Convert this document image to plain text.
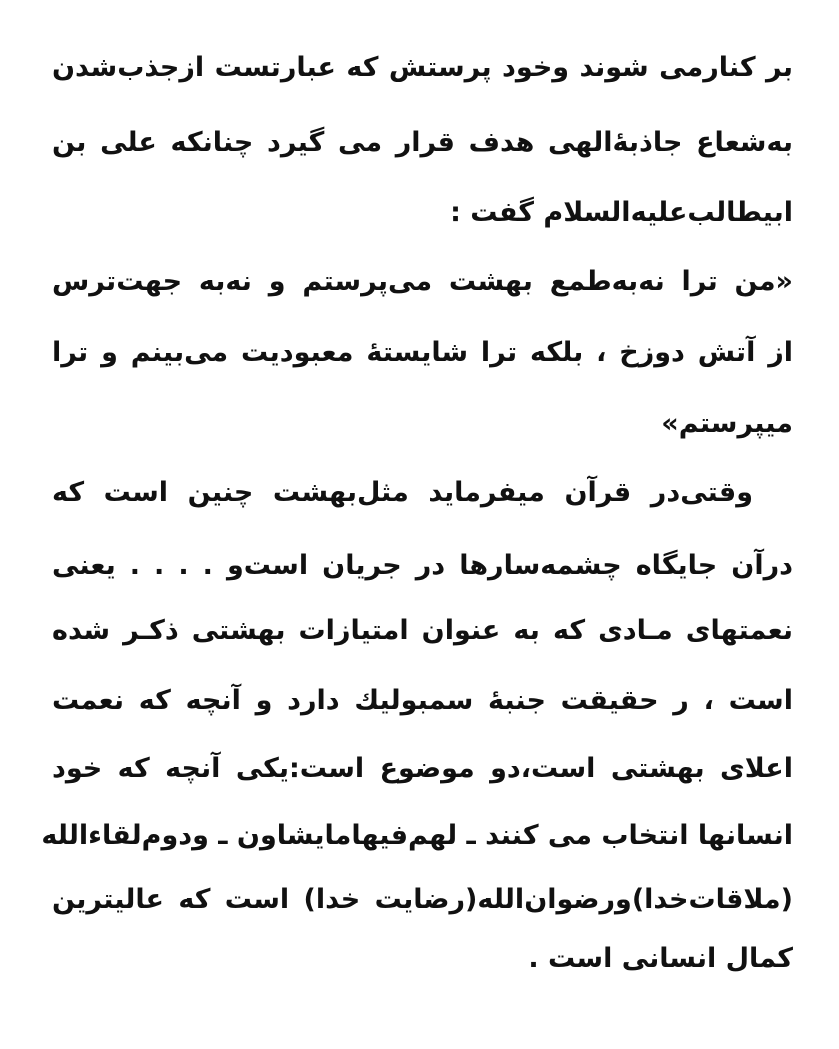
بر کنارمی شوند وخود پرستش که عبارتست ازجذب‌شدن
به‌شعاع جاذبهٔ‌الهی هدف قرار می گیرد چنانکه علی بن
ابیطالب‌علیه‌السلام گفت :
«من ترا نه‌به‌طمع بهشت می‌پرستم و نه‌به جهت‌ترس
از آتش دوزخ ، بلکه ترا شایستهٔ معبودیت می‌بینم و ترا
میپرستم»
وقتی‌در قرآن میفرماید مثل‌بهشت چنین است که
درآن جایگاه چشمه‌سارها در جریان است‌و . . . . یعنی
نعمتهای مـادی که به عنوان امتیازات بهشتی ذکـر شده
است ، ر حقیقت جنبهٔ سمبولیك دارد و آنچه که نعمت
اعلای بهشتی است،دو موضوع است:یکی آنچه که خود
انسانها انتخاب می کنند ـ لهم‌فیهامایشاون ـ ودوم‌لقاءالله
(ملاقات‌خدا)ورضوان‌الله(رضایت خدا) است که عالیترین
کمال انسانی است .
